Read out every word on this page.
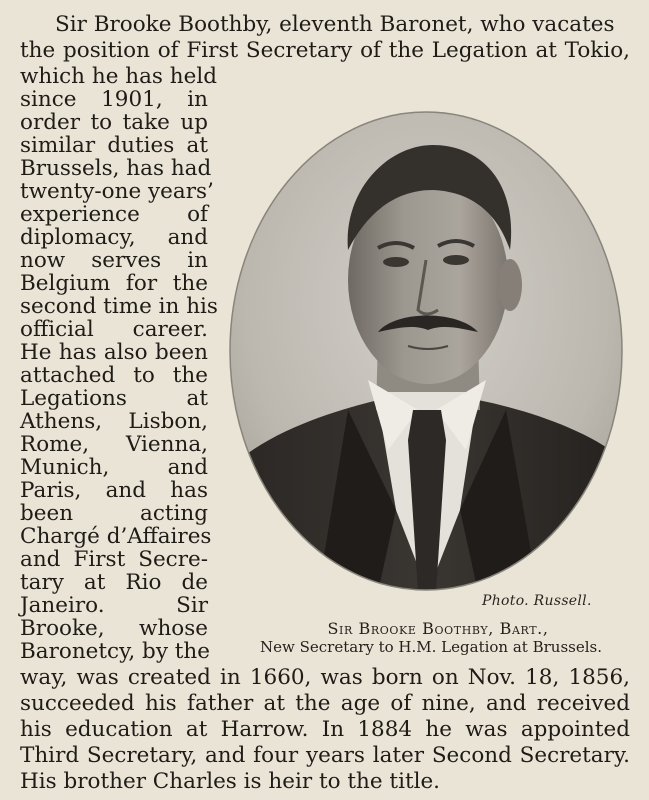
Sir Brooke Boothby, eleventh Baronet, who vacates
the position of First Secretary of the Legation at Tokio,
which he has held
since 1901, in
order to take up
similar duties at
Brussels, has had
twenty-one years’
experience of
diplomacy, and
now serves in
Belgium for the
second time in his
official career.
He has also been
attached to the
Legations at
Athens, Lisbon,
Rome, Vienna,
Munich, and
Paris, and has
been acting
Chargé d’Affaires
and First Secre-
tary at Rio de
Janeiro. Sir
Brooke, whose
Baronetcy, by the
way, was created in 1660, was born on Nov. 18, 1856,
succeeded his father at the age of nine, and received
his education at Harrow. In 1884 he was appointed
Third Secretary, and four years later Second Secretary.
His brother Charles is heir to the title.
Photo. Russell.
Sir Brooke Boothby, Bart.,
New Secretary to H.M. Legation at Brussels.
